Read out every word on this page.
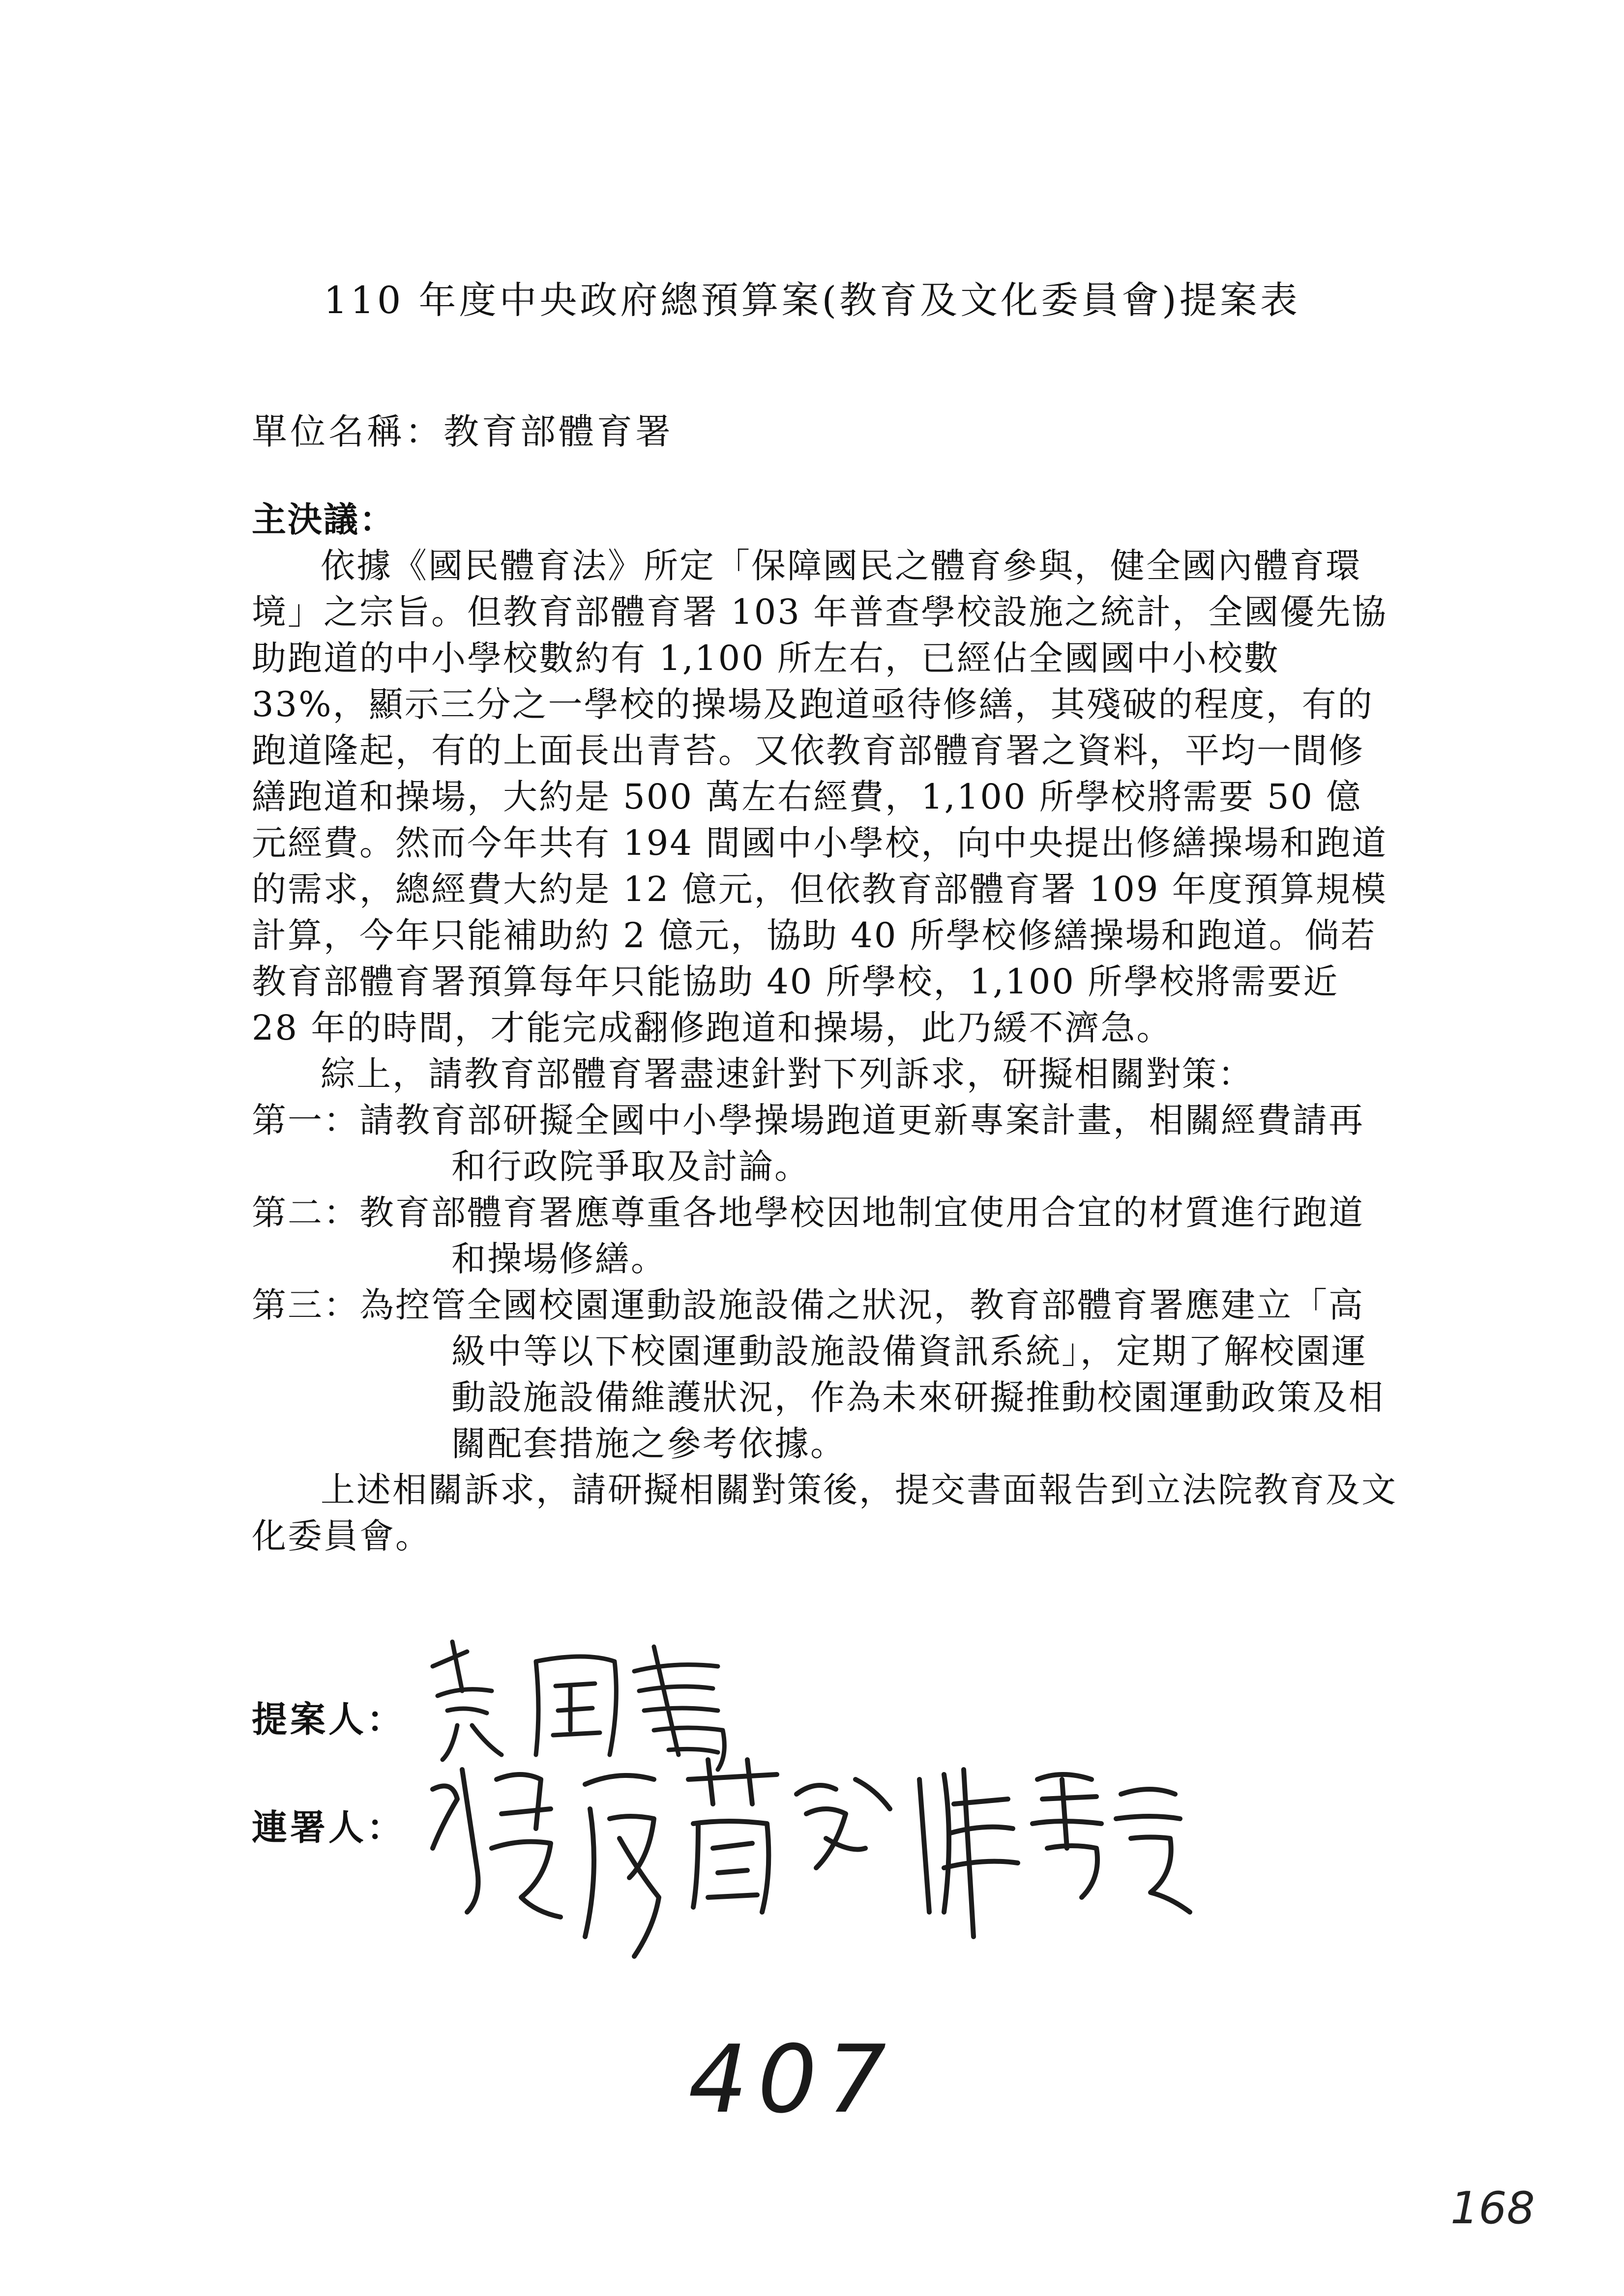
110 年度中央政府總預算案(教育及文化委員會)提案表
單位名稱：教育部體育署

主決議：

依據《國民體育法》所定「保障國民之體育參與，健全國內體育環境」之宗旨。但教育部體育署 103 年普查學校設施之統計，全國優先協助跑道的中小學校數約有 1,100 所左右，已經佔全國國中小校數 33%，顯示三分之一學校的操場及跑道亟待修繕，其殘破的程度，有的跑道隆起，有的上面長出青苔。又依教育部體育署之資料，平均一間修繕跑道和操場，大約是 500 萬左右經費，1,100 所學校將需要 50 億元經費。然而今年共有 194 間國中小學校，向中央提出修繕操場和跑道的需求，總經費大約是 12 億元，但依教育部體育署 109 年度預算規模計算，今年只能補助約 2 億元，協助 40 所學校修繕操場和跑道。倘若教育部體育署預算每年只能協助 40 所學校，1,100 所學校將需要近 28 年的時間，才能完成翻修跑道和操場，此乃緩不濟急。

綜上，請教育部體育署盡速針對下列訴求，研擬相關對策：

第一：請教育部研擬全國中小學操場跑道更新專案計畫，相關經費請再和行政院爭取及討論。

第二：教育部體育署應尊重各地學校因地制宜使用合宜的材質進行跑道和操場修繕。

第三：為控管全國校園運動設施設備之狀況，教育部體育署應建立「高級中等以下校園運動設施設備資訊系統」，定期了解校園運動設施設備維護狀況，作為未來研擬推動校園運動政策及相關配套措施之參考依據。

上述相關訴求，請研擬相關對策後，提交書面報告到立法院教育及文化委員會。

提案人：
連署人：
407
168
